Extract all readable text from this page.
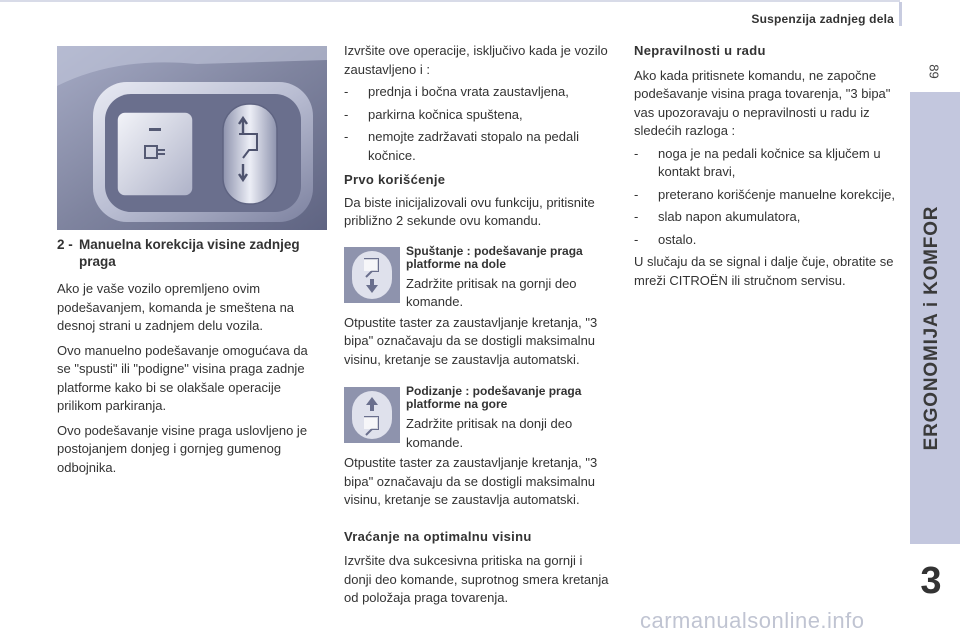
Suspenzija zadnjeg dela
89
ERGONOMIJA i KOMFOR
3
2 - Manuelna korekcija visine zadnjeg praga

Ako je vaše vozilo opremljeno ovim podešavanjem, komanda je smeštena na desnoj strani u zadnjem delu vozila.

Ovo manuelno podešavanje omogućava da se "spusti" ili "podigne" visina praga zadnje platforme kako bi se olakšale operacije prilikom parkiranja.

Ovo podešavanje visine praga uslovljeno je postojanjem donjeg i gornjeg gumenog odbojnika.

Izvršite ove operacije, isključivo kada je vozilo zaustavljeno i :

- prednja i bočna vrata zaustavljena,
- parkirna kočnica spuštena,
- nemojte zadržavati stopalo na pedali kočnice.
Prvo korišćenje

Da biste inicijalizovali ovu funkciju, pritisnite približno 2 sekunde ovu komandu.

Spuštanje : podešavanje praga platforme na dole

Zadržite pritisak na gornji deo komande.

Otpustite taster za zaustavljanje kretanja, "3 bipa" označavaju da se dostigli maksimalnu visinu, kretanje se zaustavlja automatski.

Podizanje : podešavanje praga platforme na gore

Zadržite pritisak na donji deo komande.

Otpustite taster za zaustavljanje kretanja, "3 bipa" označavaju da se dostigli maksimalnu visinu, kretanje se zaustavlja automatski.

Vraćanje na optimalnu visinu

Izvršite dva sukcesivna pritiska na gornji i donji deo komande, suprotnog smera kretanja od položaja praga tovarenja.

Nepravilnosti u radu

Ako kada pritisnete komandu, ne započne podešavanje visina praga tovarenja, "3 bipa" vas upozoravaju o nepravilnosti u radu iz sledećih razloga :

- noga je na pedali kočnice sa ključem u kontakt bravi,
- preterano korišćenje manuelne korekcije,
- slab napon akumulatora,
- ostalo.

U slučaju da se signal i dalje čuje, obratite se mreži CITROËN ili stručnom servisu.

carmanualsonline.info
